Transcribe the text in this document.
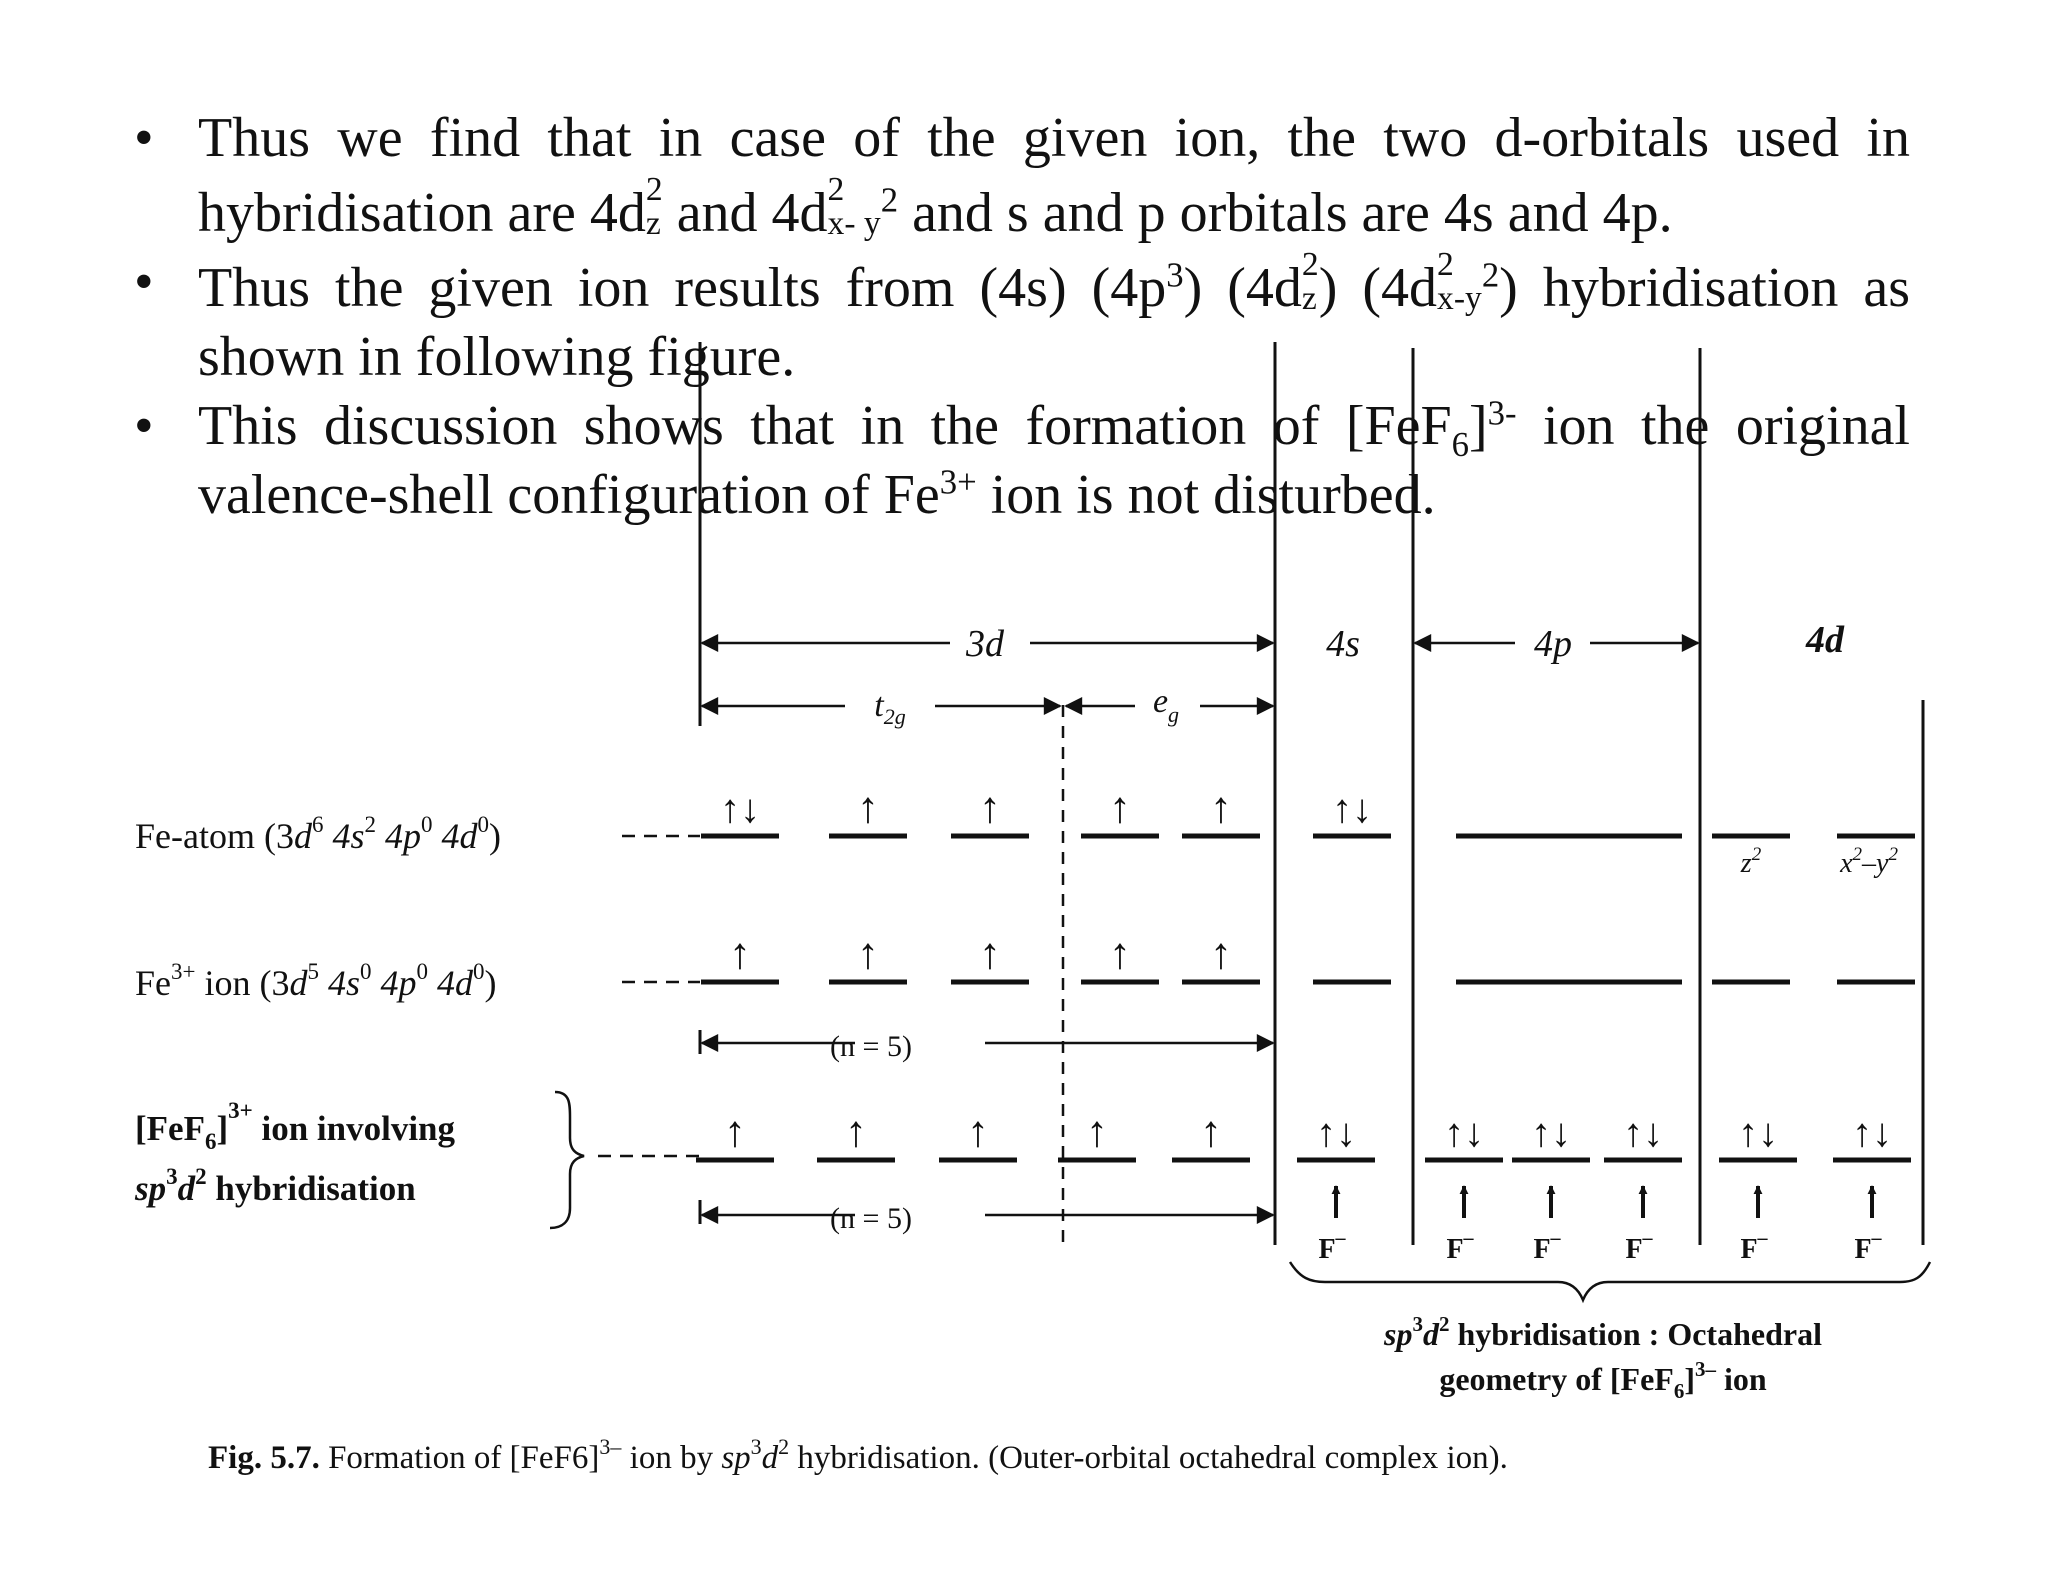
• Thus we find that in case of the given ion, the two d-orbitals used in hybridisation are 4d 2
z and 4d 2
x - y
$^2$ and s and p orbitals are 4s and 4p.
• Thus the given ion results from (4s) $(4p^3)$ (4d 2
z ) (4d 2
x -y
$^2$) hybridisation as shown in following figure.
• This discussion shows that in the formation of $[FeF_6]^{3-}$ ion the original valence-shell configuration of $Fe^{3+}$ ion is not disturbed.
3d	4s	4p	4d
$t_{2g}$	$e_g$
Fe-atom ($3d^6$ $4s^2$ $4p^0$ $4d^0$)
$Fe^{3+}$ ion ($3d^5$ $4s^0$ $4p^0$ $4d^0$)
$[FeF_6]^{3+}$ ion involving
$sp^3d^2$ hybridisation
↑↓ ↑ ↑ ↑ ↑	↑↓
↑ ↑ ↑ ↑ ↑
↑ ↑ ↑ ↑ ↑ ↑↓ ↑↓ ↑↓ ↑↓ ↑↓ ↑↓
F–	F– F– F–	F–	F–
(n = 5)
(n = 5)
$z^2$	$x^2-y^2$
$sp^3d^2$ hybridisation : Octahedral
geometry of $[FeF_6]^{3-}$ ion
Fig. 5.7. Formation of $[FeF6]^{3-}$ ion by $sp^3d^2$ hybridisation. (Outer-orbital octahedral complex ion).
